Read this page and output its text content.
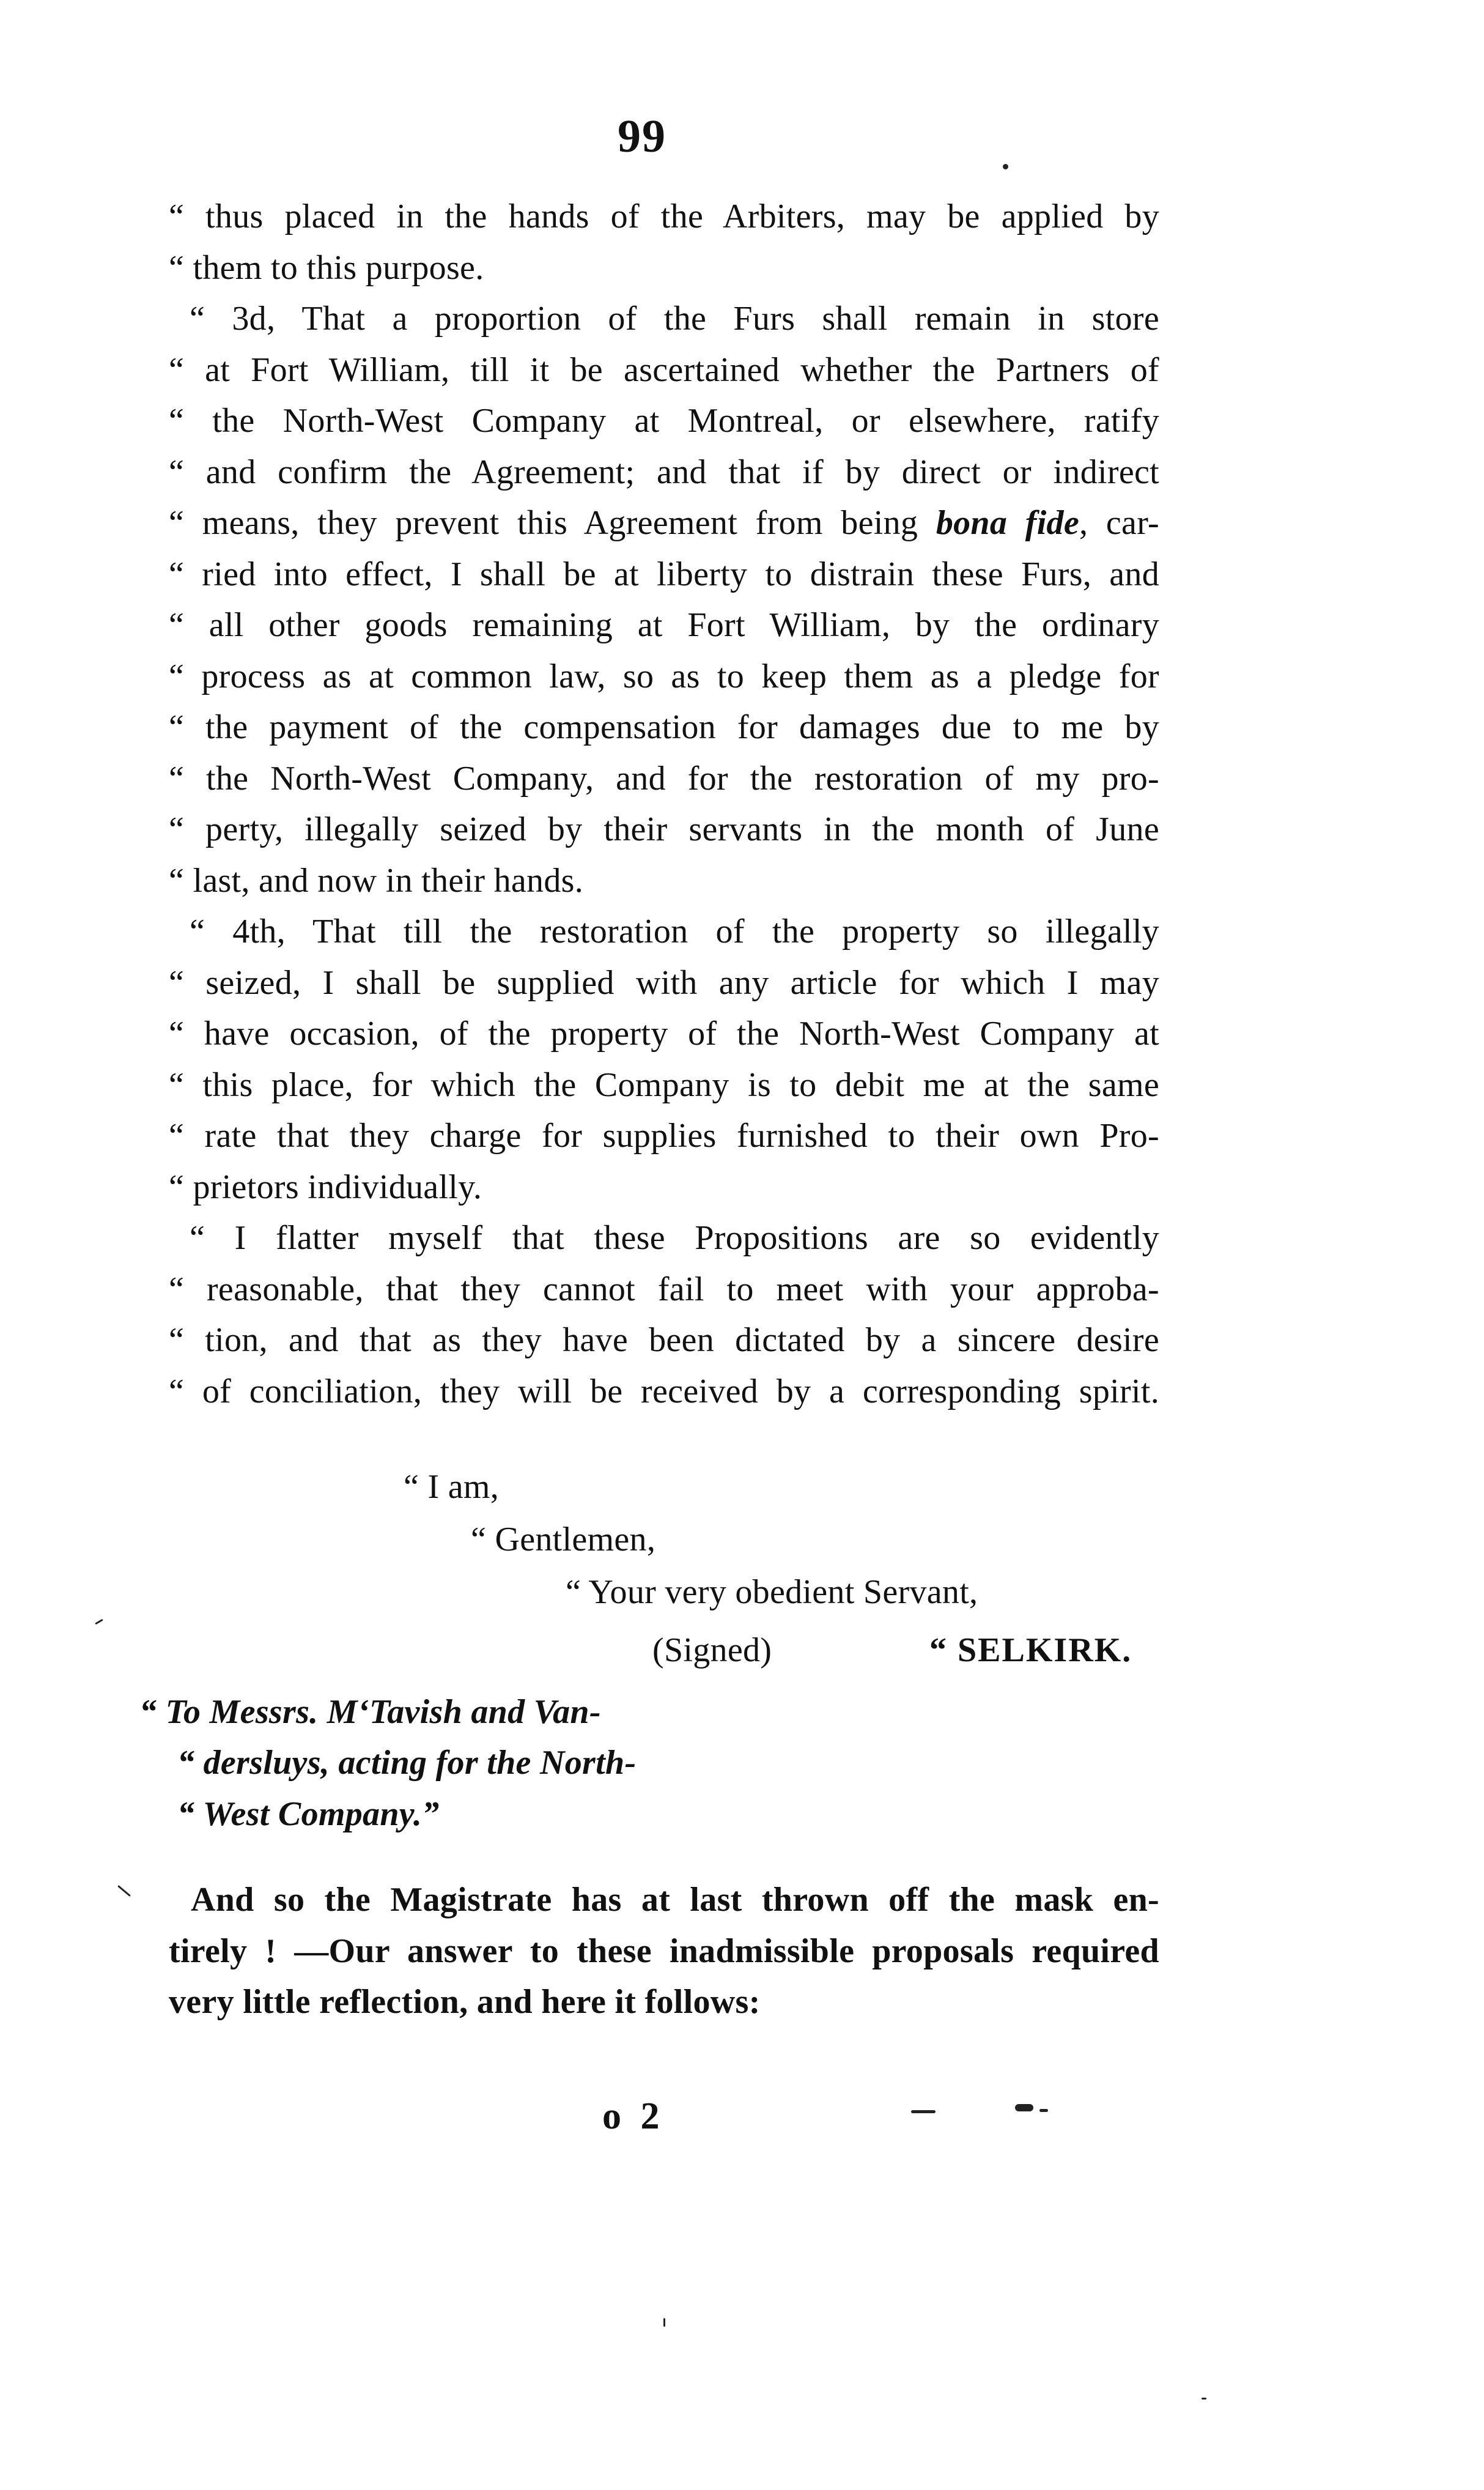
99
“ thus placed in the hands of the Arbiters, may be applied by
“ them to this purpose.
“ 3d, That a proportion of the Furs shall remain in store
“ at Fort William, till it be ascertained whether the Partners of
“ the North-West Company at Montreal, or elsewhere, ratify
“ and confirm the Agreement; and that if by direct or indirect
“ means, they prevent this Agreement from being bona fide, car-
“ ried into effect, I shall be at liberty to distrain these Furs, and
“ all other goods remaining at Fort William, by the ordinary
“ process as at common law, so as to keep them as a pledge for
“ the payment of the compensation for damages due to me by
“ the North-West Company, and for the restoration of my pro-
“ perty, illegally seized by their servants in the month of June
“ last, and now in their hands.
“ 4th, That till the restoration of the property so illegally
“ seized, I shall be supplied with any article for which I may
“ have occasion, of the property of the North-West Company at
“ this place, for which the Company is to debit me at the same
“ rate that they charge for supplies furnished to their own Pro-
“ prietors individually.
“ I flatter myself that these Propositions are so evidently
“ reasonable, that they cannot fail to meet with your approba-
“ tion, and that as they have been dictated by a sincere desire
“ of conciliation, they will be received by a corresponding spirit.
“ I am,
“ Gentlemen,
“ Your very obedient Servant,
(Signed)	“ SELKIRK.
“ To Messrs. M‘Tavish and Van-
“ dersluys, acting for the North-
“ West Company.”
And so the Magistrate has at last thrown off the mask en-
tirely ! —Our answer to these inadmissible proposals required
very little reflection, and here it follows:
o 2
